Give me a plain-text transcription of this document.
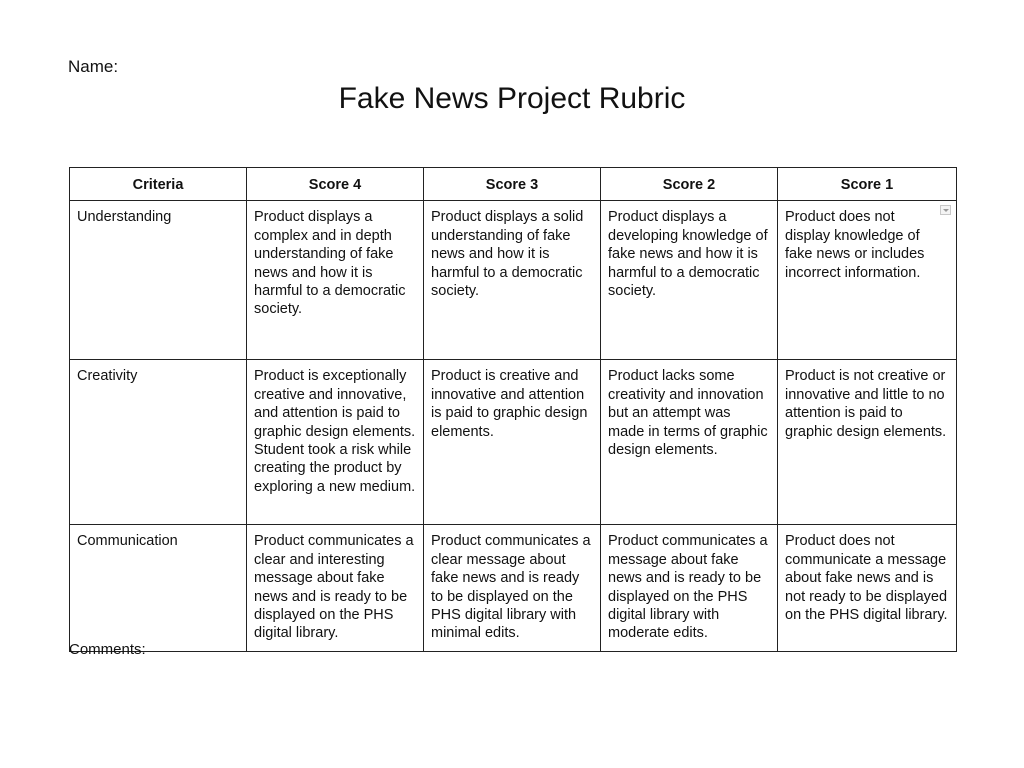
Name:
Fake News Project Rubric
Criteria	Score 4	Score 3	Score 2	Score 1
Understanding	Product displays a complex and in depth understanding of fake news and how it is harmful to a democratic society.	Product displays a solid understanding of fake news and how it is harmful to a democratic society.	Product displays a developing knowledge of fake news and how it is harmful to a democratic society.	Product does not display knowledge of fake news or includes incorrect information.

Creativity	Product is exceptionally creative and innovative, and attention is paid to graphic design elements. Student took a risk while creating the product by exploring a new medium.	Product is creative and innovative and attention is paid to graphic design elements.	Product lacks some creativity and innovation but an attempt was made in terms of graphic design elements.	Product is not creative or innovative and little to no attention is paid to graphic design elements.
Communication	Product communicates a clear and interesting message about fake news and is ready to be displayed on the PHS digital library.	Product communicates a clear message about fake news and is ready to be displayed on the PHS digital library with minimal edits.	Product communicates a message about fake news and is ready to be displayed on the PHS digital library with moderate edits.	Product does not communicate a message about fake news and is not ready to be displayed on the PHS digital library.
Comments:
